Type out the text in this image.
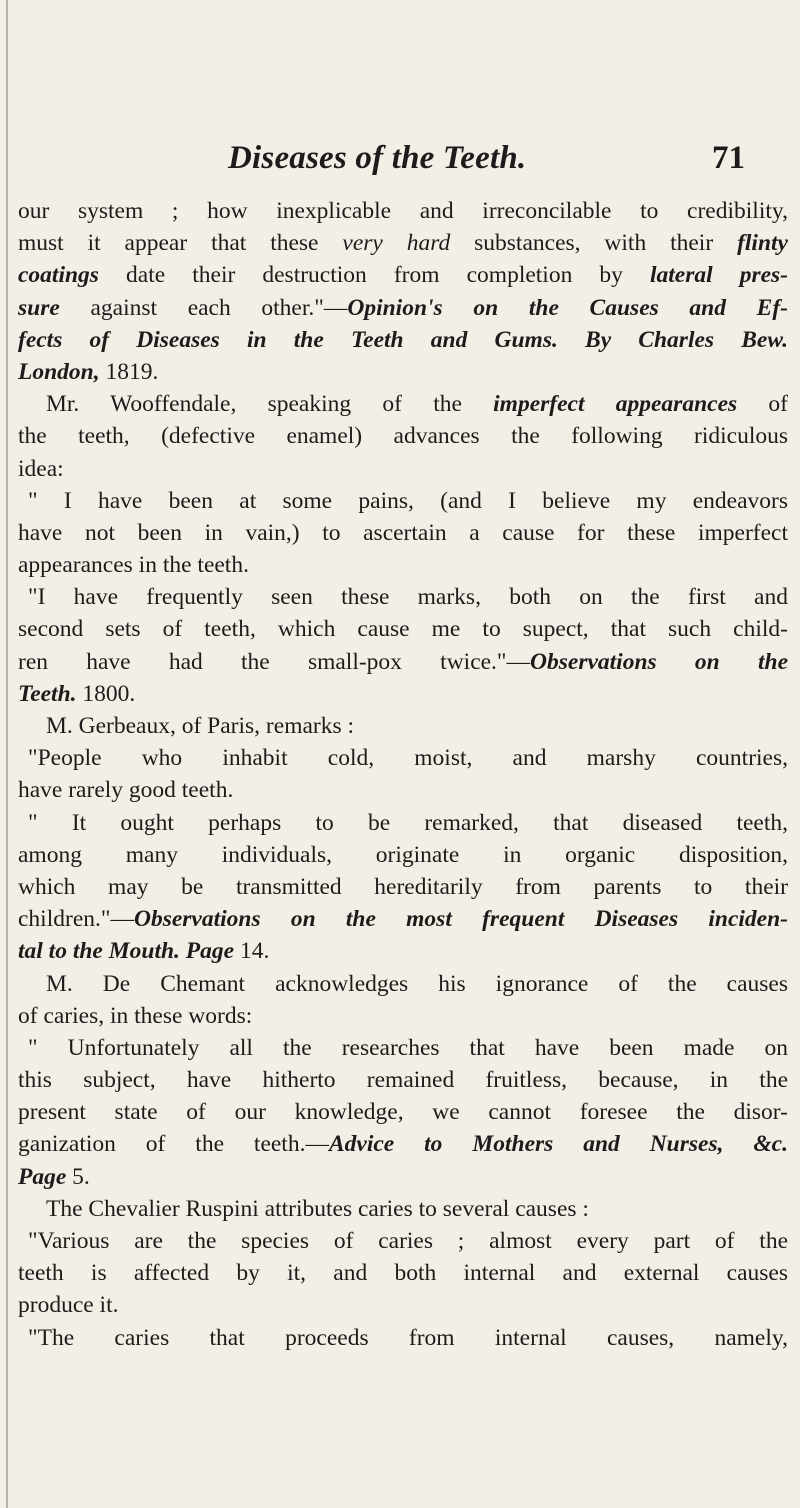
Diseases of the Teeth.	71
our system ; how inexplicable and irreconcilable to credibility,
must it appear that these very hard substances, with their flinty
coatings date their destruction from completion by lateral pres-
sure against each other."—Opinion's on the Causes and Ef-
fects of Diseases in the Teeth and Gums. By Charles Bew.
London, 1819.
Mr. Wooffendale, speaking of the imperfect appearances of
the teeth, (defective enamel) advances the following ridiculous
idea:
" I have been at some pains, (and I believe my endeavors
have not been in vain,) to ascertain a cause for these imperfect
appearances in the teeth.
"I have frequently seen these marks, both on the first and
second sets of teeth, which cause me to supect, that such child-
ren have had the small-pox twice."—Observations on the
Teeth. 1800.
M. Gerbeaux, of Paris, remarks :
"People who inhabit cold, moist, and marshy countries,
have rarely good teeth.
" It ought perhaps to be remarked, that diseased teeth,
among many individuals, originate in organic disposition,
which may be transmitted hereditarily from parents to their
children."—Observations on the most frequent Diseases inciden-
tal to the Mouth. Page 14.
M. De Chemant acknowledges his ignorance of the causes
of caries, in these words:
" Unfortunately all the researches that have been made on
this subject, have hitherto remained fruitless, because, in the
present state of our knowledge, we cannot foresee the disor-
ganization of the teeth.—Advice to Mothers and Nurses, &c.
Page 5.
The Chevalier Ruspini attributes caries to several causes :
"Various are the species of caries ; almost every part of the
teeth is affected by it, and both internal and external causes
produce it.
"The caries that proceeds from internal causes, namely,
